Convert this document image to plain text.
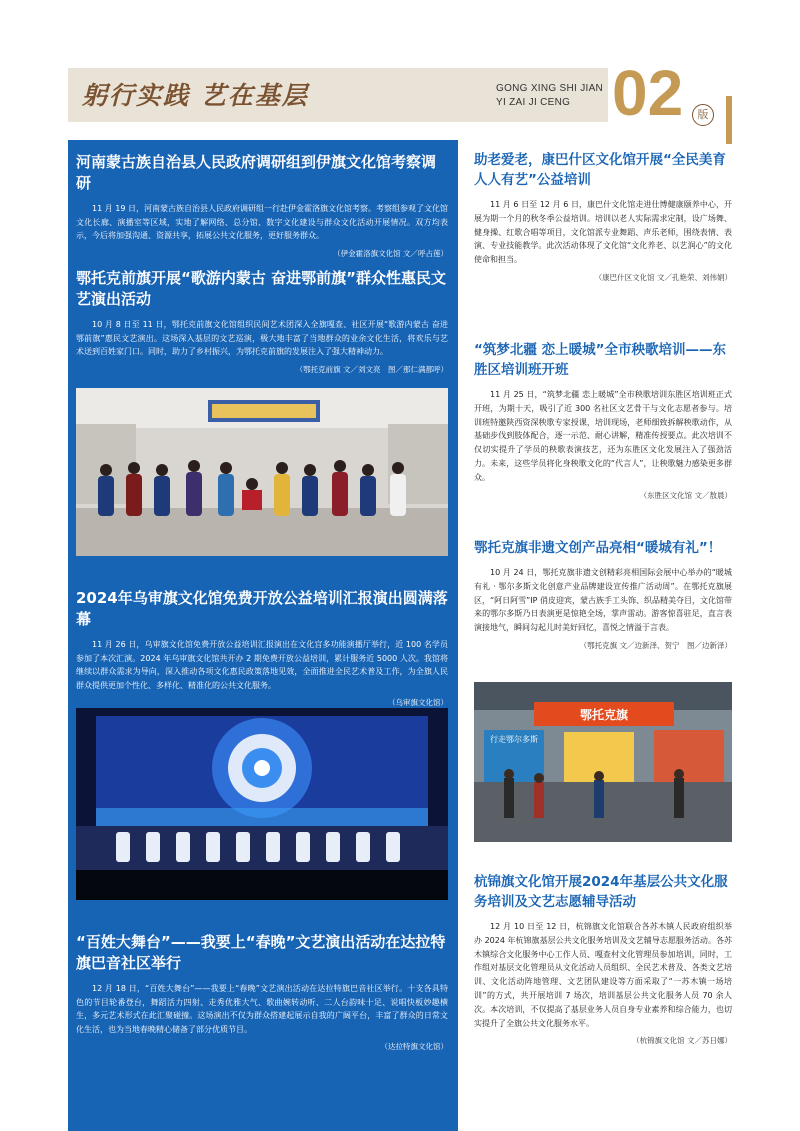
躬行实践 艺在基层	GONG XING SHI JIAN
YI ZAI JI CENG 02	版
河南蒙古族自治县人民政府调研组到伊旗文化馆考察调研

11 月 19 日，河南蒙古族自治县人民政府调研组一行赴伊金霍洛旗文化馆考察。考察组参观了文化馆文化长廊、演播室等区域，实地了解网络、总分馆、数字文化建设与群众文化活动开展情况。双方均表示，今后将加强沟通、资源共享，拓展公共文化服务，更好服务群众。

（伊金霍洛旗文化馆 文／呼占莲）
鄂托克前旗开展“歌游内蒙古 奋进鄂前旗”群众性惠民文艺演出活动

10 月 8 日至 11 日，鄂托克前旗文化馆组织民间艺术团深入全旗嘎查、社区开展“歌游内蒙古 奋进鄂前旗”惠民文艺演出。这场深入基层的文艺巡演，极大地丰富了当地群众的业余文化生活，将欢乐与艺术送到百姓家门口。同时，助力了乡村振兴，为鄂托克前旗的发展注入了强大精神动力。

（鄂托克前旗 文／刘文亮　图／那仁满都呼）
2024年乌审旗文化馆免费开放公益培训汇报演出圆满落幕

11 月 26 日，乌审旗文化馆免费开放公益培训汇报演出在文化宫多功能演播厅举行，近 100 名学员参加了本次汇演。2024 年乌审旗文化馆共开办 2 期免费开放公益培训，累计服务近 5000 人次。我馆将继续以群众需求为导向，深入推动各项文化惠民政策落地见效，全面推进全民艺术普及工作，为全旗人民群众提供更加个性化、多样化、精准化的公共文化服务。

（乌审旗文化馆）
“百姓大舞台”——我要上“春晚”文艺演出活动在达拉特旗巴音社区举行

12 月 18 日，“百姓大舞台”——我要上“春晚”文艺演出活动在达拉特旗巴音社区举行。十支各具特色的节目轮番登台，舞蹈活力四射、走秀优雅大气、歌曲婉转动听、二人台韵味十足、说唱快板妙趣横生，多元艺术形式在此汇聚碰撞。这场演出不仅为群众搭建起展示自我的广阔平台，丰富了群众的日常文化生活，也为当地春晚精心储备了部分优质节目。

（达拉特旗文化馆）
助老爱老，康巴什区文化馆开展“全民美育 人人有艺”公益培训

11 月 6 日至 12 月 6 日，康巴什文化馆走进仕博健康颐养中心，开展为期一个月的秋冬季公益培训。培训以老人实际需求定制，设广场舞、健身操、红歌合唱等项目，文化馆派专业舞蹈、声乐老师，围绕表情、表演、专业技能教学。此次活动体现了文化馆“文化养老、以艺润心”的文化使命和担当。

（康巴什区文化馆 文／孔艳荣、刘伟娟）
“筑梦北疆 恋上暖城”全市秧歌培训——东胜区培训班开班

11 月 25 日，“筑梦北疆 恋上暖城”全市秧歌培训东胜区培训班正式开班，为期十天，吸引了近 300 名社区文艺骨干与文化志愿者参与。培训班特邀陕西资深秧歌专家授课，培训现场，老师细致拆解秧歌动作，从基础步伐到肢体配合，逐一示范、耐心讲解，精准传授要点。此次培训不仅切实提升了学员的秧歌表演技艺，还为东胜区文化发展注入了强劲活力。未来，这些学员将化身秧歌文化的“代言人”，让秧歌魅力感染更多群众。

（东胜区文化馆 文／敖晨）
鄂托克旗非遗文创产品亮相“暖城有礼”！

10 月 24 日，鄂托克旗非遗文创精彩亮相国际会展中心举办的“暖城有礼 · 鄂尔多斯文化创意产业品牌建设宣传推广活动周”。在鄂托克旗展区，“阿日阿雪”IP 俏皮迎宾，蒙古族手工头饰、织品精美夺目，文化馆带来的鄂尔多斯乃日表演更是惊艳全场，掌声雷动。游客惊喜驻足，直言表演接地气，瞬间勾起儿时美好回忆，喜悦之情溢于言表。

（鄂托克旗 文／边新泽、贺宁　图／边新泽）
鄂托克旗
行走鄂尔多斯
杭锦旗文化馆开展2024年基层公共文化服务培训及文艺志愿辅导活动

12 月 10 日至 12 日，杭锦旗文化馆联合各苏木镇人民政府组织举办 2024 年杭锦旗基层公共文化服务培训及文艺辅导志愿服务活动。各苏木镇综合文化服务中心工作人员、嘎查村文化管理员参加培训，同时，工作组对基层文化管理员从文化活动人员组织、全民艺术普及、各类文艺培训、文化活动阵地管理、文艺团队建设等方面采取了“一苏木镇一场培训”的方式，共开展培训 7 场次，培训基层公共文化服务人员 70 余人次。本次培训，不仅提高了基层业务人员自身专业素养和综合能力，也切实提升了全旗公共文化服务水平。

（杭锦旗文化馆 文／苏日娜）
